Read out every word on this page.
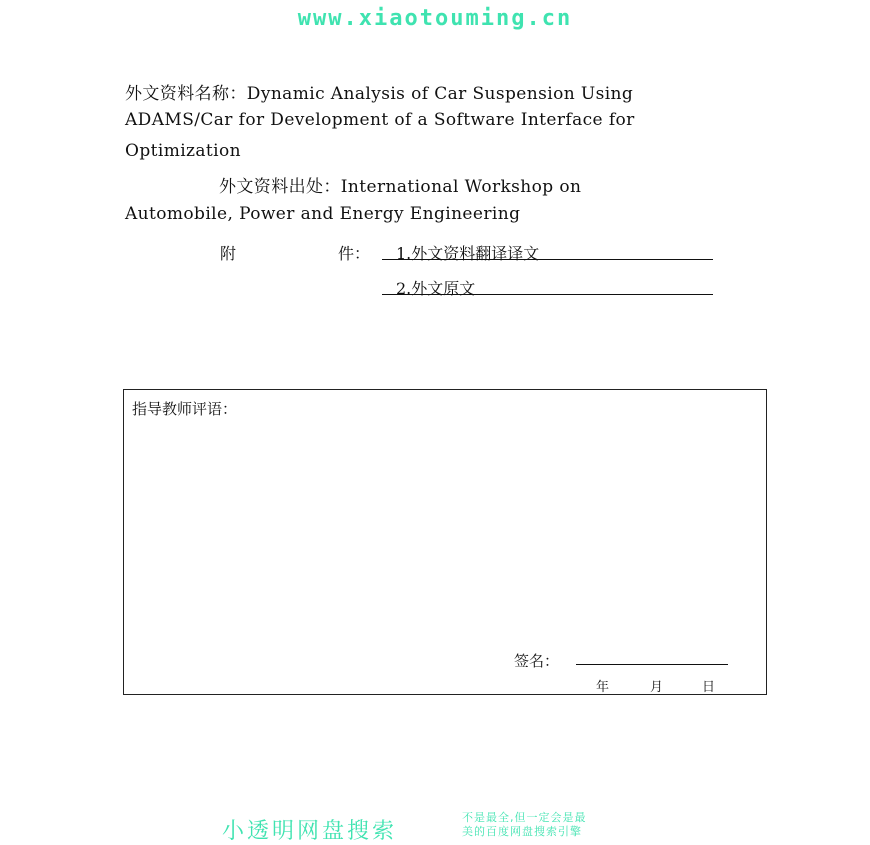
www.xiaotouming.cn
外文资料名称：Dynamic Analysis of Car Suspension Using
ADAMS/Car for Development of a Software Interface for
Optimization
外文资料出处：International Workshop on
Automobile, Power and Energy Engineering
附	件： 1.外文资料翻译译文
2.外文原文
指导教师评语：
签名：
年	月	日
小透明网盘搜索
不是最全,但一定会是最
美的百度网盘搜索引擎
